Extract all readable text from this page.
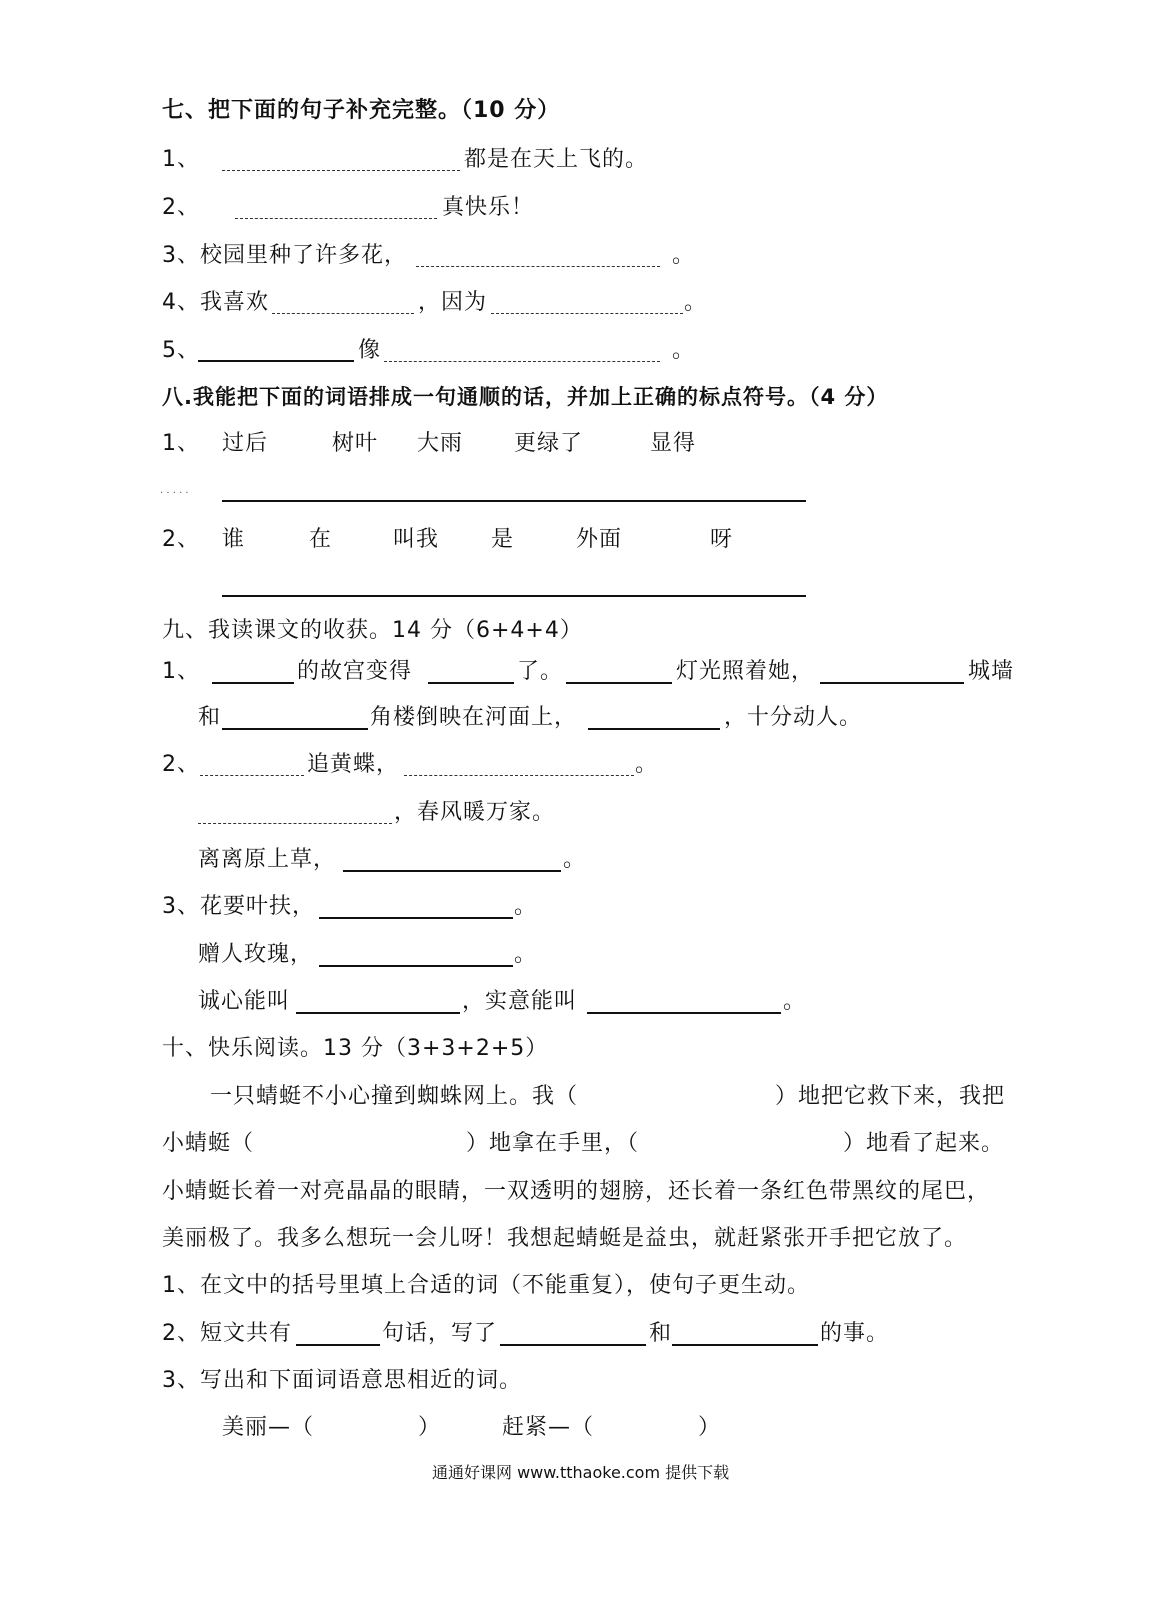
七、把下面的句子补充完整。（10 分）
1、	都是在天上飞的。
2、	真快乐！
3、校园里种了许多花，	。
4、我喜欢	，因为	。
5、	像	。
八.我能把下面的词语排成一句通顺的话，并加上正确的标点符号。（4 分）
1、 过后	树叶 大雨 更绿了	显得
· · · · ·
2、 谁	在	叫我 是	外面	呀
九、我读课文的收获。14 分（6+4+4）
1、	的故宫变得	了。	灯光照着她，	城墙
和	角楼倒映在河面上，	，十分动人。
2、	追黄蝶，	。
，春风暖万家。
离离原上草，	。
3、花要叶扶，	。
赠人玫瑰，	。
诚心能叫	，实意能叫	。
十、快乐阅读。13 分（3+3+2+5）
一只蜻蜓不小心撞到蜘蛛网上。我（	）地把它救下来，我把
小蜻蜓（	）地拿在手里，（	）地看了起来。
小蜻蜓长着一对亮晶晶的眼睛，一双透明的翅膀，还长着一条红色带黑纹的尾巴，
美丽极了。我多么想玩一会儿呀！我想起蜻蜓是益虫，就赶紧张开手把它放了。
1、在文中的括号里填上合适的词（不能重复），使句子更生动。
2、短文共有	句话，写了	和	的事。
3、写出和下面词语意思相近的词。
美丽—（	）	赶紧—（	）
通通好课网 www.tthaoke.com 提供下载
